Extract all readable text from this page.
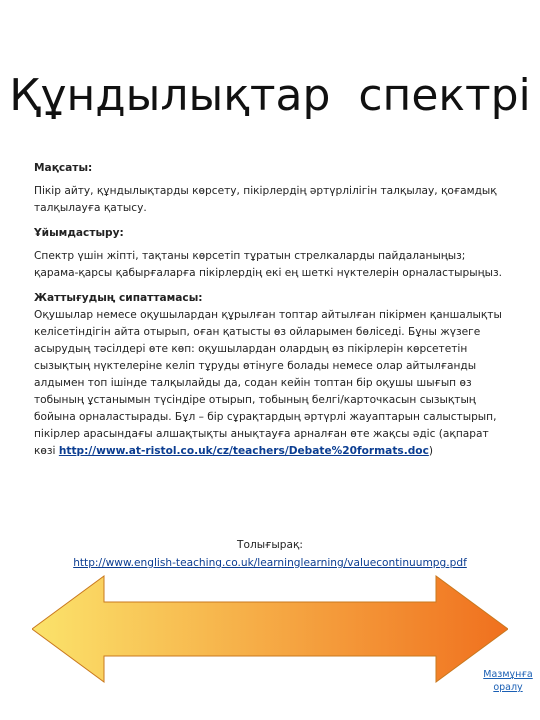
Құндылықтар  спектрі
Мақсаты:
Пікір айту, құндылықтарды көрсету, пікірлердің әртүрлілігін талқылау, қоғамдық талқылауға қатысу.
Ұйымдастыру:
Спектр үшін жіпті, тақтаны көрсетіп тұратын стрелкаларды пайдаланыңыз; қарама-қарсы қабырғаларға пікірлердің екі ең шеткі нүктелерін орналастырыңыз.
Жаттығудың сипаттамасы:
Оқушылар немесе оқушылардан құрылған топтар айтылған пікірмен қаншалықты келісетіндігін айта отырып, оған қатысты өз ойларымен бөліседі. Бұны жүзеге асырудың тәсілдері өте көп: оқушылардан олардың өз пікірлерін көрсететін сызықтың нүктелеріне келіп тұруды өтінуге болады немесе олар айтылғанды алдымен топ ішінде талқылайды да, содан кейін топтан бір оқушы шығып өз тобының ұстанымын түсіндіре отырып, тобының белгі/карточкасын сызықтың бойына орналастырады. Бұл – бір сұрақтардың әртүрлі жауаптарын салыстырып, пікірлер арасындағы алшақтықты анықтауға арналған өте жақсы әдіс (ақпарат көзі http://www.at-ristol.co.uk/cz/teachers/Debate%20formats.doc)
Толығырақ:
http://www.english-teaching.co.uk/learninglearning/valuecontinuumpg.pdf
Мазмұнға оралу
